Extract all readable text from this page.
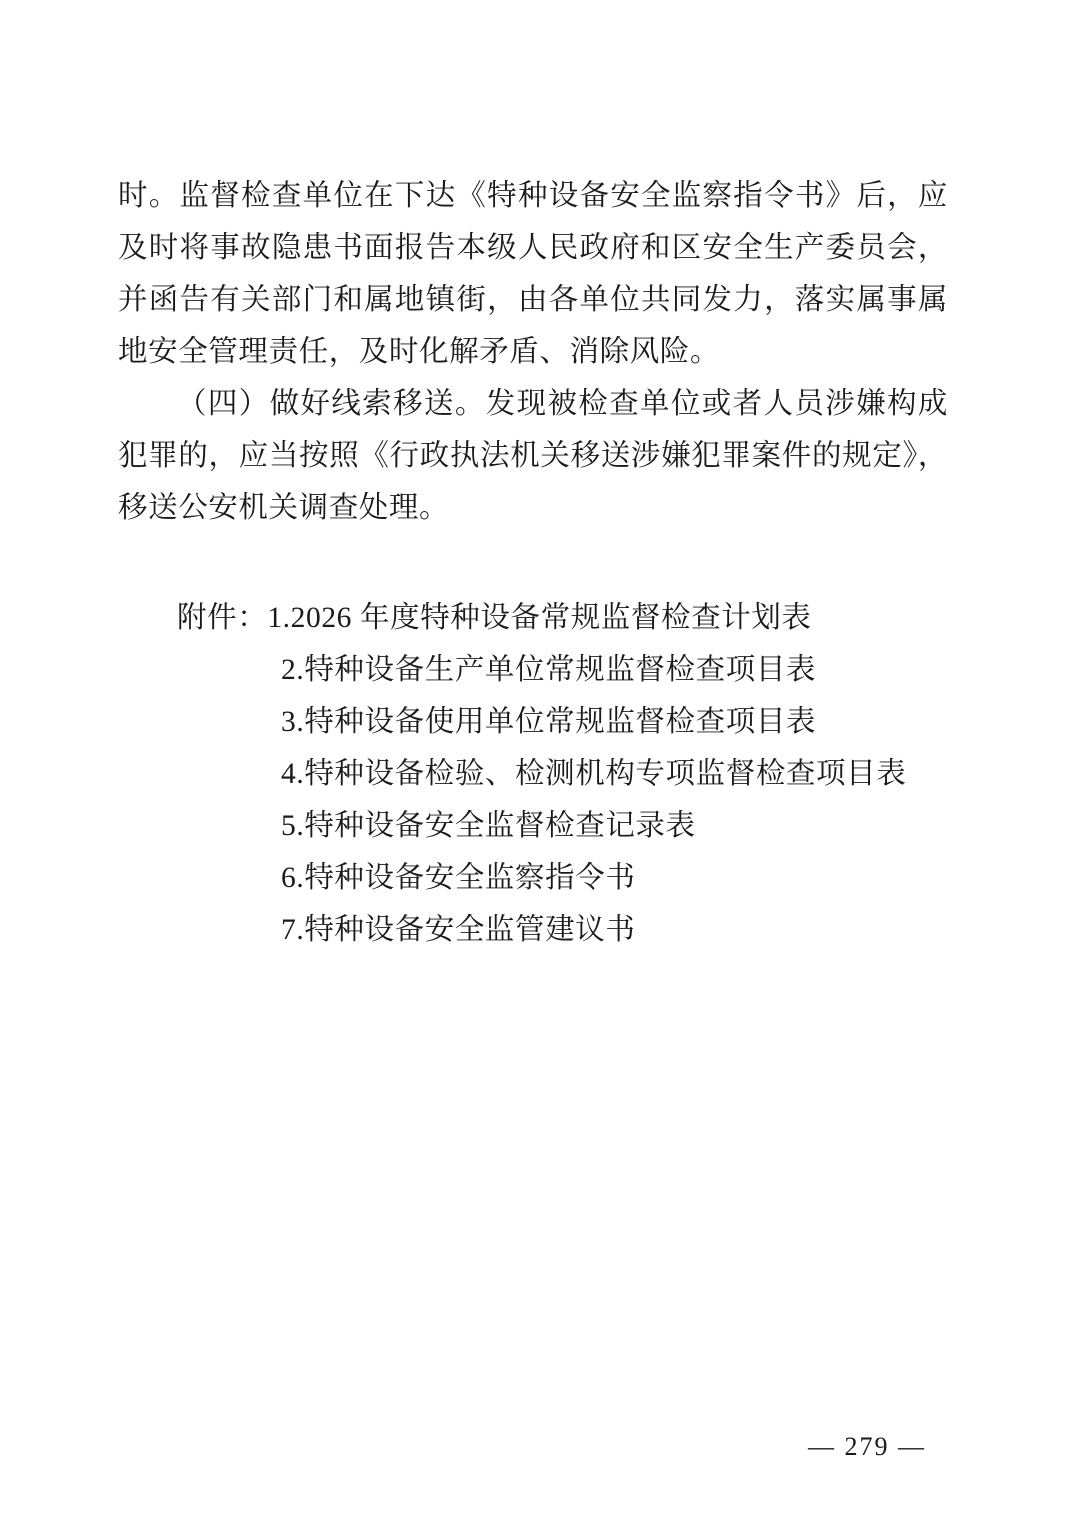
时。监督检查单位在下达《特种设备安全监察指令书》后，应及时将事故隐患书面报告本级人民政府和区安全生产委员会，并函告有关部门和属地镇街，由各单位共同发力，落实属事属地安全管理责任，及时化解矛盾、消除风险。

（四）做好线索移送。发现被检查单位或者人员涉嫌构成犯罪的，应当按照《行政执法机关移送涉嫌犯罪案件的规定》，移送公安机关调查处理。

附件：1.2026 年度特种设备常规监督检查计划表

2.特种设备生产单位常规监督检查项目表

3.特种设备使用单位常规监督检查项目表

4.特种设备检验、检测机构专项监督检查项目表

5.特种设备安全监督检查记录表

6.特种设备安全监察指令书

7.特种设备安全监管建议书

— 279 —
